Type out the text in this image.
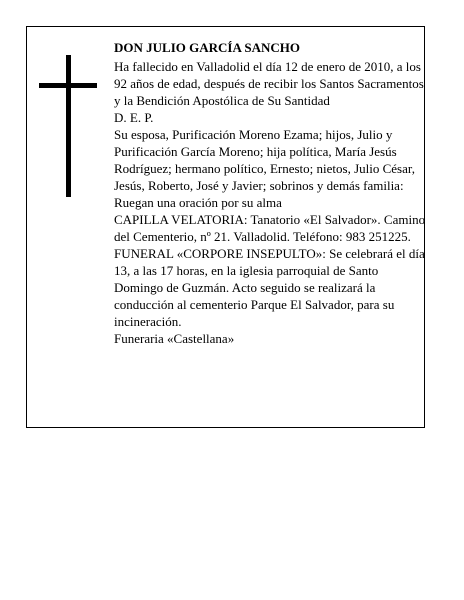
DON JULIO GARCÍA SANCHO

Ha fallecido en Valladolid el día 12 de enero de 2010, a los 92 años de edad, después de recibir los Santos Sacramentos y la Bendición Apostólica de Su Santidad

D. E. P.

Su esposa, Purificación Moreno Ezama; hijos, Julio y Purificación García Moreno; hija política, María Jesús Rodríguez; hermano político, Ernesto; nietos, Julio César, Jesús, Roberto, José y Javier; sobrinos y demás familia:

Ruegan una oración por su alma

CAPILLA VELATORIA: Tanatorio «El Salvador». Camino del Cementerio, nº 21. Valladolid. Teléfono: 983 251225.

FUNERAL «CORPORE INSEPULTO»: Se celebrará el día 13, a las 17 horas, en la iglesia parroquial de Santo Domingo de Guzmán. Acto seguido se realizará la conducción al cementerio Parque El Salvador, para su incineración.

Funeraria «Castellana»
